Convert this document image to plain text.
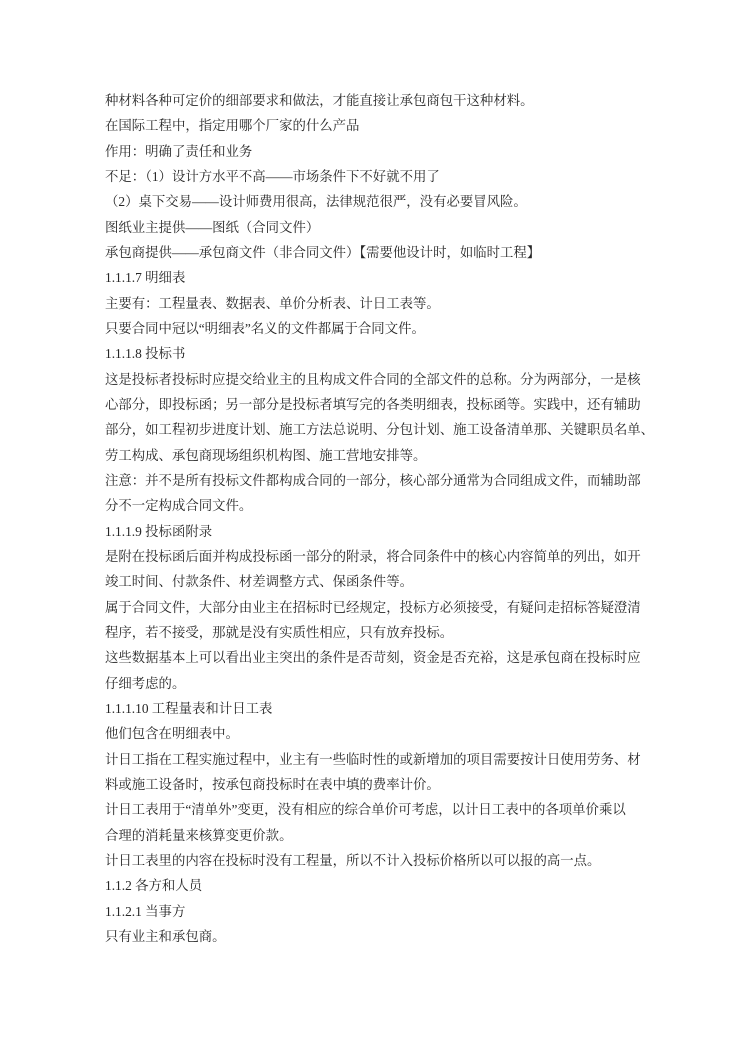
种材料各种可定价的细部要求和做法，才能直接让承包商包干这种材料。
在国际工程中，指定用哪个厂家的什么产品
作用：明确了责任和业务
不足：（1）设计方水平不高——市场条件下不好就不用了
（2）桌下交易——设计师费用很高，法律规范很严，没有必要冒风险。
图纸业主提供——图纸（合同文件）
承包商提供——承包商文件（非合同文件）【需要他设计时，如临时工程】
1.1.1.7 明细表
主要有：工程量表、数据表、单价分析表、计日工表等。
只要合同中冠以“明细表”名义的文件都属于合同文件。
1.1.1.8 投标书
这是投标者投标时应提交给业主的且构成文件合同的全部文件的总称。分为两部分，一是核
心部分，即投标函；另一部分是投标者填写完的各类明细表，投标函等。实践中，还有辅助
部分，如工程初步进度计划、施工方法总说明、分包计划、施工设备清单那、关键职员名单、
劳工构成、承包商现场组织机构图、施工营地安排等。
注意：并不是所有投标文件都构成合同的一部分，核心部分通常为合同组成文件，而辅助部
分不一定构成合同文件。
1.1.1.9 投标函附录
是附在投标函后面并构成投标函一部分的附录，将合同条件中的核心内容简单的列出，如开
竣工时间、付款条件、材差调整方式、保函条件等。
属于合同文件，大部分由业主在招标时已经规定，投标方必须接受，有疑问走招标答疑澄清
程序，若不接受，那就是没有实质性相应，只有放弃投标。
这些数据基本上可以看出业主突出的条件是否苛刻，资金是否充裕，这是承包商在投标时应
仔细考虑的。
1.1.1.10 工程量表和计日工表
他们包含在明细表中。
计日工指在工程实施过程中，业主有一些临时性的或新增加的项目需要按计日使用劳务、材
料或施工设备时，按承包商投标时在表中填的费率计价。
计日工表用于“清单外”变更，没有相应的综合单价可考虑，以计日工表中的各项单价乘以
合理的消耗量来核算变更价款。
计日工表里的内容在投标时没有工程量，所以不计入投标价格所以可以报的高一点。
1.1.2 各方和人员
1.1.2.1 当事方
只有业主和承包商。
